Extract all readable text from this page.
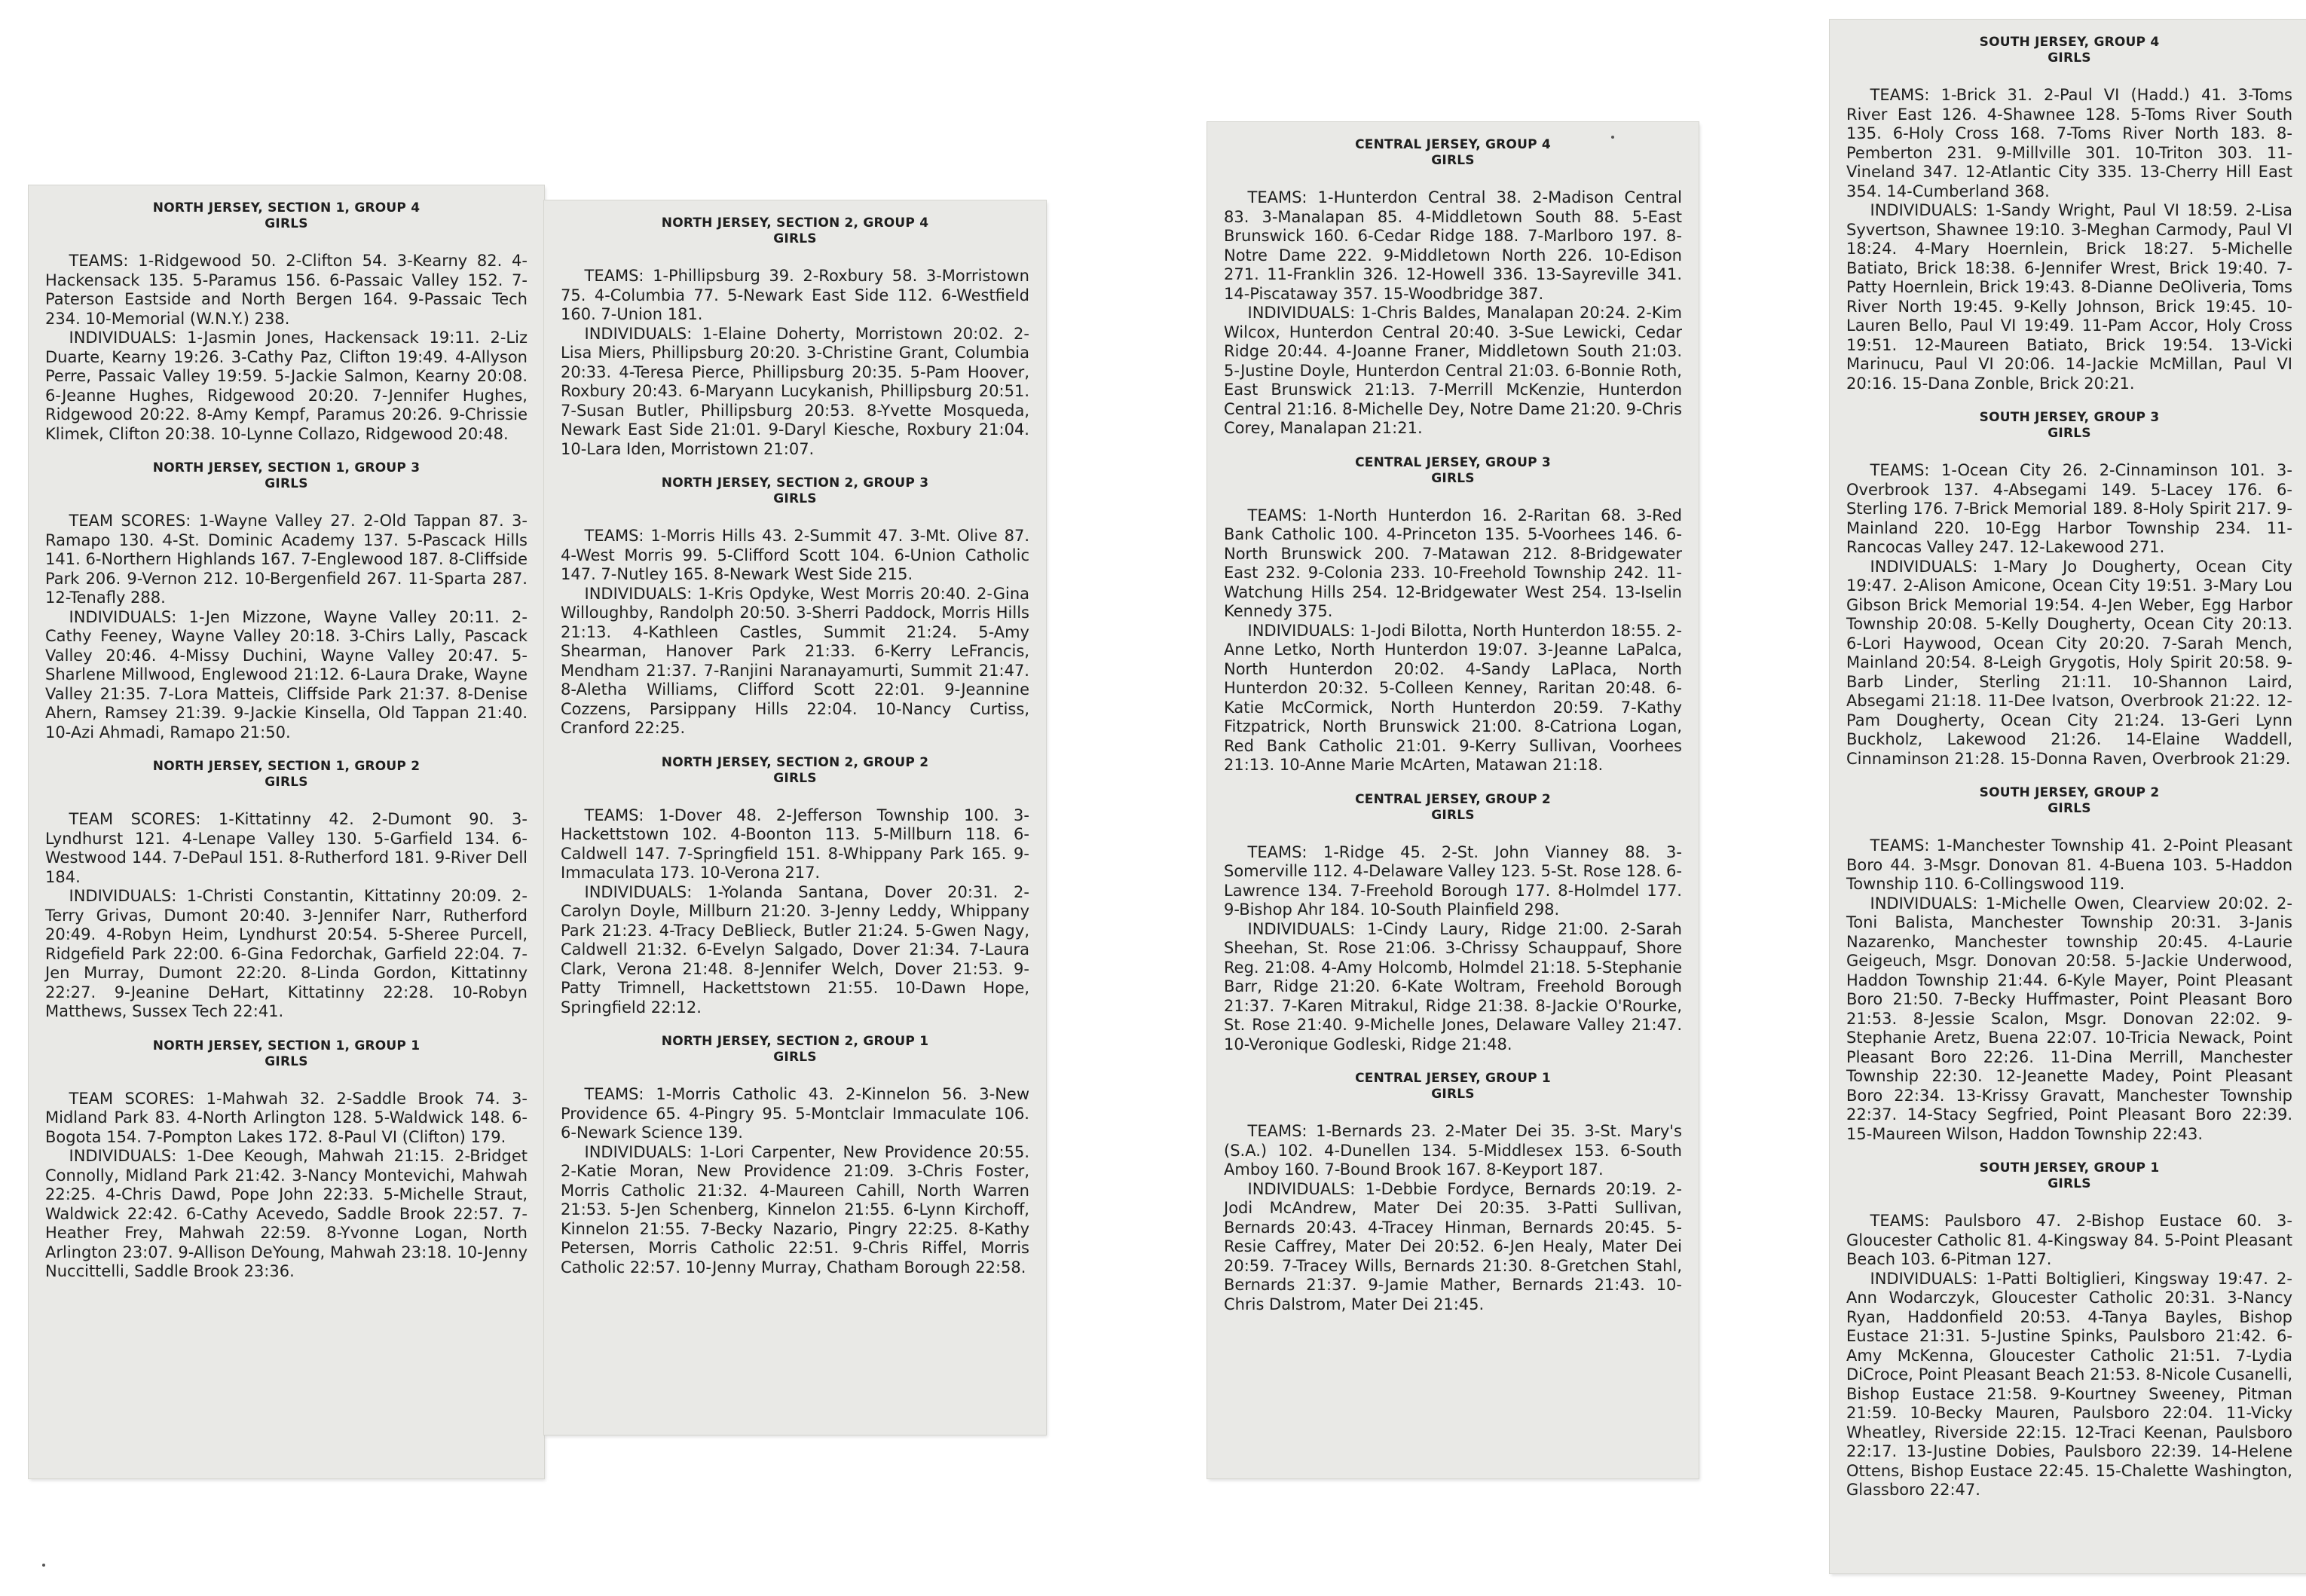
NORTH JERSEY, SECTION 1, GROUP 4
GIRLS

TEAMS: 1-Ridgewood 50. 2-Clifton 54. 3-Kearny 82. 4-Hackensack 135. 5-Paramus 156. 6-Passaic Valley 152. 7-Paterson Eastside and North Bergen 164. 9-Passaic Tech 234. 10-Memorial (W.N.Y.) 238.

INDIVIDUALS: 1-Jasmin Jones, Hackensack 19:11. 2-Liz Duarte, Kearny 19:26. 3-Cathy Paz, Clifton 19:49. 4-Allyson Perre, Passaic Valley 19:59. 5-Jackie Salmon, Kearny 20:08. 6-Jeanne Hughes, Ridgewood 20:20. 7-Jennifer Hughes, Ridgewood 20:22. 8-Amy Kempf, Paramus 20:26. 9-Chrissie Klimek, Clifton 20:38. 10-Lynne Collazo, Ridgewood 20:48.

NORTH JERSEY, SECTION 1, GROUP 3
GIRLS

TEAM SCORES: 1-Wayne Valley 27. 2-Old Tappan 87. 3-Ramapo 130. 4-St. Dominic Academy 137. 5-Pascack Hills 141. 6-Northern Highlands 167. 7-Englewood 187. 8-Cliffside Park 206. 9-Vernon 212. 10-Bergenfield 267. 11-Sparta 287. 12-Tenafly 288.

INDIVIDUALS: 1-Jen Mizzone, Wayne Valley 20:11. 2-Cathy Feeney, Wayne Valley 20:18. 3-Chirs Lally, Pascack Valley 20:46. 4-Missy Duchini, Wayne Valley 20:47. 5-Sharlene Millwood, Englewood 21:12. 6-Laura Drake, Wayne Valley 21:35. 7-Lora Matteis, Cliffside Park 21:37. 8-Denise Ahern, Ramsey 21:39. 9-Jackie Kinsella, Old Tappan 21:40. 10-Azi Ahmadi, Ramapo 21:50.

NORTH JERSEY, SECTION 1, GROUP 2
GIRLS

TEAM SCORES: 1-Kittatinny 42. 2-Dumont 90. 3-Lyndhurst 121. 4-Lenape Valley 130. 5-Garfield 134. 6-Westwood 144. 7-DePaul 151. 8-Rutherford 181. 9-River Dell 184.

INDIVIDUALS: 1-Christi Constantin, Kittatinny 20:09. 2-Terry Grivas, Dumont 20:40. 3-Jennifer Narr, Rutherford 20:49. 4-Robyn Heim, Lyndhurst 20:54. 5-Sheree Purcell, Ridgefield Park 22:00. 6-Gina Fedorchak, Garfield 22:04. 7-Jen Murray, Dumont 22:20. 8-Linda Gordon, Kittatinny 22:27. 9-Jeanine DeHart, Kittatinny 22:28. 10-Robyn Matthews, Sussex Tech 22:41.

NORTH JERSEY, SECTION 1, GROUP 1
GIRLS

TEAM SCORES: 1-Mahwah 32. 2-Saddle Brook 74. 3-Midland Park 83. 4-North Arlington 128. 5-Waldwick 148. 6-Bogota 154. 7-Pompton Lakes 172. 8-Paul VI (Clifton) 179.

INDIVIDUALS: 1-Dee Keough, Mahwah 21:15. 2-Bridget Connolly, Midland Park 21:42. 3-Nancy Montevichi, Mahwah 22:25. 4-Chris Dawd, Pope John 22:33. 5-Michelle Straut, Waldwick 22:42. 6-Cathy Acevedo, Saddle Brook 22:57. 7-Heather Frey, Mahwah 22:59. 8-Yvonne Logan, North Arlington 23:07. 9-Allison DeYoung, Mahwah 23:18. 10-Jenny Nuccittelli, Saddle Brook 23:36.

NORTH JERSEY, SECTION 2, GROUP 4
GIRLS

TEAMS: 1-Phillipsburg 39. 2-Roxbury 58. 3-Morristown 75. 4-Columbia 77. 5-Newark East Side 112. 6-Westfield 160. 7-Union 181.

INDIVIDUALS: 1-Elaine Doherty, Morristown 20:02. 2-Lisa Miers, Phillipsburg 20:20. 3-Christine Grant, Columbia 20:33. 4-Teresa Pierce, Phillipsburg 20:35. 5-Pam Hoover, Roxbury 20:43. 6-Maryann Lucykanish, Phillipsburg 20:51. 7-Susan Butler, Phillipsburg 20:53. 8-Yvette Mosqueda, Newark East Side 21:01. 9-Daryl Kiesche, Roxbury 21:04. 10-Lara Iden, Morristown 21:07.

NORTH JERSEY, SECTION 2, GROUP 3
GIRLS

TEAMS: 1-Morris Hills 43. 2-Summit 47. 3-Mt. Olive 87. 4-West Morris 99. 5-Clifford Scott 104. 6-Union Catholic 147. 7-Nutley 165. 8-Newark West Side 215.

INDIVIDUALS: 1-Kris Opdyke, West Morris 20:40. 2-Gina Willoughby, Randolph 20:50. 3-Sherri Paddock, Morris Hills 21:13. 4-Kathleen Castles, Summit 21:24. 5-Amy Shearman, Hanover Park 21:33. 6-Kerry LeFrancis, Mendham 21:37. 7-Ranjini Naranayamurti, Summit 21:47. 8-Aletha Williams, Clifford Scott 22:01. 9-Jeannine Cozzens, Parsippany Hills 22:04. 10-Nancy Curtiss, Cranford 22:25.

NORTH JERSEY, SECTION 2, GROUP 2
GIRLS

TEAMS: 1-Dover 48. 2-Jefferson Township 100. 3-Hackettstown 102. 4-Boonton 113. 5-Millburn 118. 6-Caldwell 147. 7-Springfield 151. 8-Whippany Park 165. 9-Immaculata 173. 10-Verona 217.

INDIVIDUALS: 1-Yolanda Santana, Dover 20:31. 2-Carolyn Doyle, Millburn 21:20. 3-Jenny Leddy, Whippany Park 21:23. 4-Tracy DeBlieck, Butler 21:24. 5-Gwen Nagy, Caldwell 21:32. 6-Evelyn Salgado, Dover 21:34. 7-Laura Clark, Verona 21:48. 8-Jennifer Welch, Dover 21:53. 9-Patty Trimnell, Hackettstown 21:55. 10-Dawn Hope, Springfield 22:12.

NORTH JERSEY, SECTION 2, GROUP 1
GIRLS

TEAMS: 1-Morris Catholic 43. 2-Kinnelon 56. 3-New Providence 65. 4-Pingry 95. 5-Montclair Immaculate 106. 6-Newark Science 139.

INDIVIDUALS: 1-Lori Carpenter, New Providence 20:55. 2-Katie Moran, New Providence 21:09. 3-Chris Foster, Morris Catholic 21:32. 4-Maureen Cahill, North Warren 21:53. 5-Jen Schenberg, Kinnelon 21:55. 6-Lynn Kirchoff, Kinnelon 21:55. 7-Becky Nazario, Pingry 22:25. 8-Kathy Petersen, Morris Catholic 22:51. 9-Chris Riffel, Morris Catholic 22:57. 10-Jenny Murray, Chatham Borough 22:58.

CENTRAL JERSEY, GROUP 4
GIRLS

TEAMS: 1-Hunterdon Central 38. 2-Madison Central 83. 3-Manalapan 85. 4-Middletown South 88. 5-East Brunswick 160. 6-Cedar Ridge 188. 7-Marlboro 197. 8-Notre Dame 222. 9-Middletown North 226. 10-Edison 271. 11-Franklin 326. 12-Howell 336. 13-Sayreville 341. 14-Piscataway 357. 15-Woodbridge 387.

INDIVIDUALS: 1-Chris Baldes, Manalapan 20:24. 2-Kim Wilcox, Hunterdon Central 20:40. 3-Sue Lewicki, Cedar Ridge 20:44. 4-Joanne Franer, Middletown South 21:03. 5-Justine Doyle, Hunterdon Central 21:03. 6-Bonnie Roth, East Brunswick 21:13. 7-Merrill McKenzie, Hunterdon Central 21:16. 8-Michelle Dey, Notre Dame 21:20. 9-Chris Corey, Manalapan 21:21.

CENTRAL JERSEY, GROUP 3
GIRLS

TEAMS: 1-North Hunterdon 16. 2-Raritan 68. 3-Red Bank Catholic 100. 4-Princeton 135. 5-Voorhees 146. 6-North Brunswick 200. 7-Matawan 212. 8-Bridgewater East 232. 9-Colonia 233. 10-Freehold Township 242. 11-Watchung Hills 254. 12-Bridgewater West 254. 13-Iselin Kennedy 375.

INDIVIDUALS: 1-Jodi Bilotta, North Hunterdon 18:55. 2-Anne Letko, North Hunterdon 19:07. 3-Jeanne LaPalca, North Hunterdon 20:02. 4-Sandy LaPlaca, North Hunterdon 20:32. 5-Colleen Kenney, Raritan 20:48. 6-Katie McCormick, North Hunterdon 20:59. 7-Kathy Fitzpatrick, North Brunswick 21:00. 8-Catriona Logan, Red Bank Catholic 21:01. 9-Kerry Sullivan, Voorhees 21:13. 10-Anne Marie McArten, Matawan 21:18.

CENTRAL JERSEY, GROUP 2
GIRLS

TEAMS: 1-Ridge 45. 2-St. John Vianney 88. 3-Somerville 112. 4-Delaware Valley 123. 5-St. Rose 128. 6-Lawrence 134. 7-Freehold Borough 177. 8-Holmdel 177. 9-Bishop Ahr 184. 10-South Plainfield 298.

INDIVIDUALS: 1-Cindy Laury, Ridge 21:00. 2-Sarah Sheehan, St. Rose 21:06. 3-Chrissy Schauppauf, Shore Reg. 21:08. 4-Amy Holcomb, Holmdel 21:18. 5-Stephanie Barr, Ridge 21:20. 6-Kate Woltram, Freehold Borough 21:37. 7-Karen Mitrakul, Ridge 21:38. 8-Jackie O'Rourke, St. Rose 21:40. 9-Michelle Jones, Delaware Valley 21:47. 10-Veronique Godleski, Ridge 21:48.

CENTRAL JERSEY, GROUP 1
GIRLS

TEAMS: 1-Bernards 23. 2-Mater Dei 35. 3-St. Mary's (S.A.) 102. 4-Dunellen 134. 5-Middlesex 153. 6-South Amboy 160. 7-Bound Brook 167. 8-Keyport 187.

INDIVIDUALS: 1-Debbie Fordyce, Bernards 20:19. 2-Jodi McAndrew, Mater Dei 20:35. 3-Patti Sullivan, Bernards 20:43. 4-Tracey Hinman, Bernards 20:45. 5-Resie Caffrey, Mater Dei 20:52. 6-Jen Healy, Mater Dei 20:59. 7-Tracey Wills, Bernards 21:30. 8-Gretchen Stahl, Bernards 21:37. 9-Jamie Mather, Bernards 21:43. 10-Chris Dalstrom, Mater Dei 21:45.

SOUTH JERSEY, GROUP 4
GIRLS

TEAMS: 1-Brick 31. 2-Paul VI (Hadd.) 41. 3-Toms River East 126. 4-Shawnee 128. 5-Toms River South 135. 6-Holy Cross 168. 7-Toms River North 183. 8-Pemberton 231. 9-Millville 301. 10-Triton 303. 11-Vineland 347. 12-Atlantic City 335. 13-Cherry Hill East 354. 14-Cumberland 368.

INDIVIDUALS: 1-Sandy Wright, Paul VI 18:59. 2-Lisa Syvertson, Shawnee 19:10. 3-Meghan Carmody, Paul VI 18:24. 4-Mary Hoernlein, Brick 18:27. 5-Michelle Batiato, Brick 18:38. 6-Jennifer Wrest, Brick 19:40. 7-Patty Hoernlein, Brick 19:43. 8-Dianne DeOliveria, Toms River North 19:45. 9-Kelly Johnson, Brick 19:45. 10-Lauren Bello, Paul VI 19:49. 11-Pam Accor, Holy Cross 19:51. 12-Maureen Batiato, Brick 19:54. 13-Vicki Marinucu, Paul VI 20:06. 14-Jackie McMillan, Paul VI 20:16. 15-Dana Zonble, Brick 20:21.

SOUTH JERSEY, GROUP 3
GIRLS

TEAMS: 1-Ocean City 26. 2-Cinnaminson 101. 3-Overbrook 137. 4-Absegami 149. 5-Lacey 176. 6-Sterling 176. 7-Brick Memorial 189. 8-Holy Spirit 217. 9-Mainland 220. 10-Egg Harbor Township 234. 11-Rancocas Valley 247. 12-Lakewood 271.

INDIVIDUALS: 1-Mary Jo Dougherty, Ocean City 19:47. 2-Alison Amicone, Ocean City 19:51. 3-Mary Lou Gibson Brick Memorial 19:54. 4-Jen Weber, Egg Harbor Township 20:08. 5-Kelly Dougherty, Ocean City 20:13. 6-Lori Haywood, Ocean City 20:20. 7-Sarah Mench, Mainland 20:54. 8-Leigh Grygotis, Holy Spirit 20:58. 9-Barb Linder, Sterling 21:11. 10-Shannon Laird, Absegami 21:18. 11-Dee Ivatson, Overbrook 21:22. 12-Pam Dougherty, Ocean City 21:24. 13-Geri Lynn Buckholz, Lakewood 21:26. 14-Elaine Waddell, Cinnaminson 21:28. 15-Donna Raven, Overbrook 21:29.

SOUTH JERSEY, GROUP 2
GIRLS

TEAMS: 1-Manchester Township 41. 2-Point Pleasant Boro 44. 3-Msgr. Donovan 81. 4-Buena 103. 5-Haddon Township 110. 6-Collingswood 119.

INDIVIDUALS: 1-Michelle Owen, Clearview 20:02. 2-Toni Balista, Manchester Township 20:31. 3-Janis Nazarenko, Manchester township 20:45. 4-Laurie Geigeuch, Msgr. Donovan 20:58. 5-Jackie Underwood, Haddon Township 21:44. 6-Kyle Mayer, Point Pleasant Boro 21:50. 7-Becky Huffmaster, Point Pleasant Boro 21:53. 8-Jessie Scalon, Msgr. Donovan 22:02. 9-Stephanie Aretz, Buena 22:07. 10-Tricia Newack, Point Pleasant Boro 22:26. 11-Dina Merrill, Manchester Township 22:30. 12-Jeanette Madey, Point Pleasant Boro 22:34. 13-Krissy Gravatt, Manchester Township 22:37. 14-Stacy Segfried, Point Pleasant Boro 22:39. 15-Maureen Wilson, Haddon Township 22:43.

SOUTH JERSEY, GROUP 1
GIRLS

TEAMS: Paulsboro 47. 2-Bishop Eustace 60. 3-Gloucester Catholic 81. 4-Kingsway 84. 5-Point Pleasant Beach 103. 6-Pitman 127.

INDIVIDUALS: 1-Patti Boltiglieri, Kingsway 19:47. 2-Ann Wodarczyk, Gloucester Catholic 20:31. 3-Nancy Ryan, Haddonfield 20:53. 4-Tanya Bayles, Bishop Eustace 21:31. 5-Justine Spinks, Paulsboro 21:42. 6-Amy McKenna, Gloucester Catholic 21:51. 7-Lydia DiCroce, Point Pleasant Beach 21:53. 8-Nicole Cusanelli, Bishop Eustace 21:58. 9-Kourtney Sweeney, Pitman 21:59. 10-Becky Mauren, Paulsboro 22:04. 11-Vicky Wheatley, Riverside 22:15. 12-Traci Keenan, Paulsboro 22:17. 13-Justine Dobies, Paulsboro 22:39. 14-Helene Ottens, Bishop Eustace 22:45. 15-Chalette Washington, Glassboro 22:47.
